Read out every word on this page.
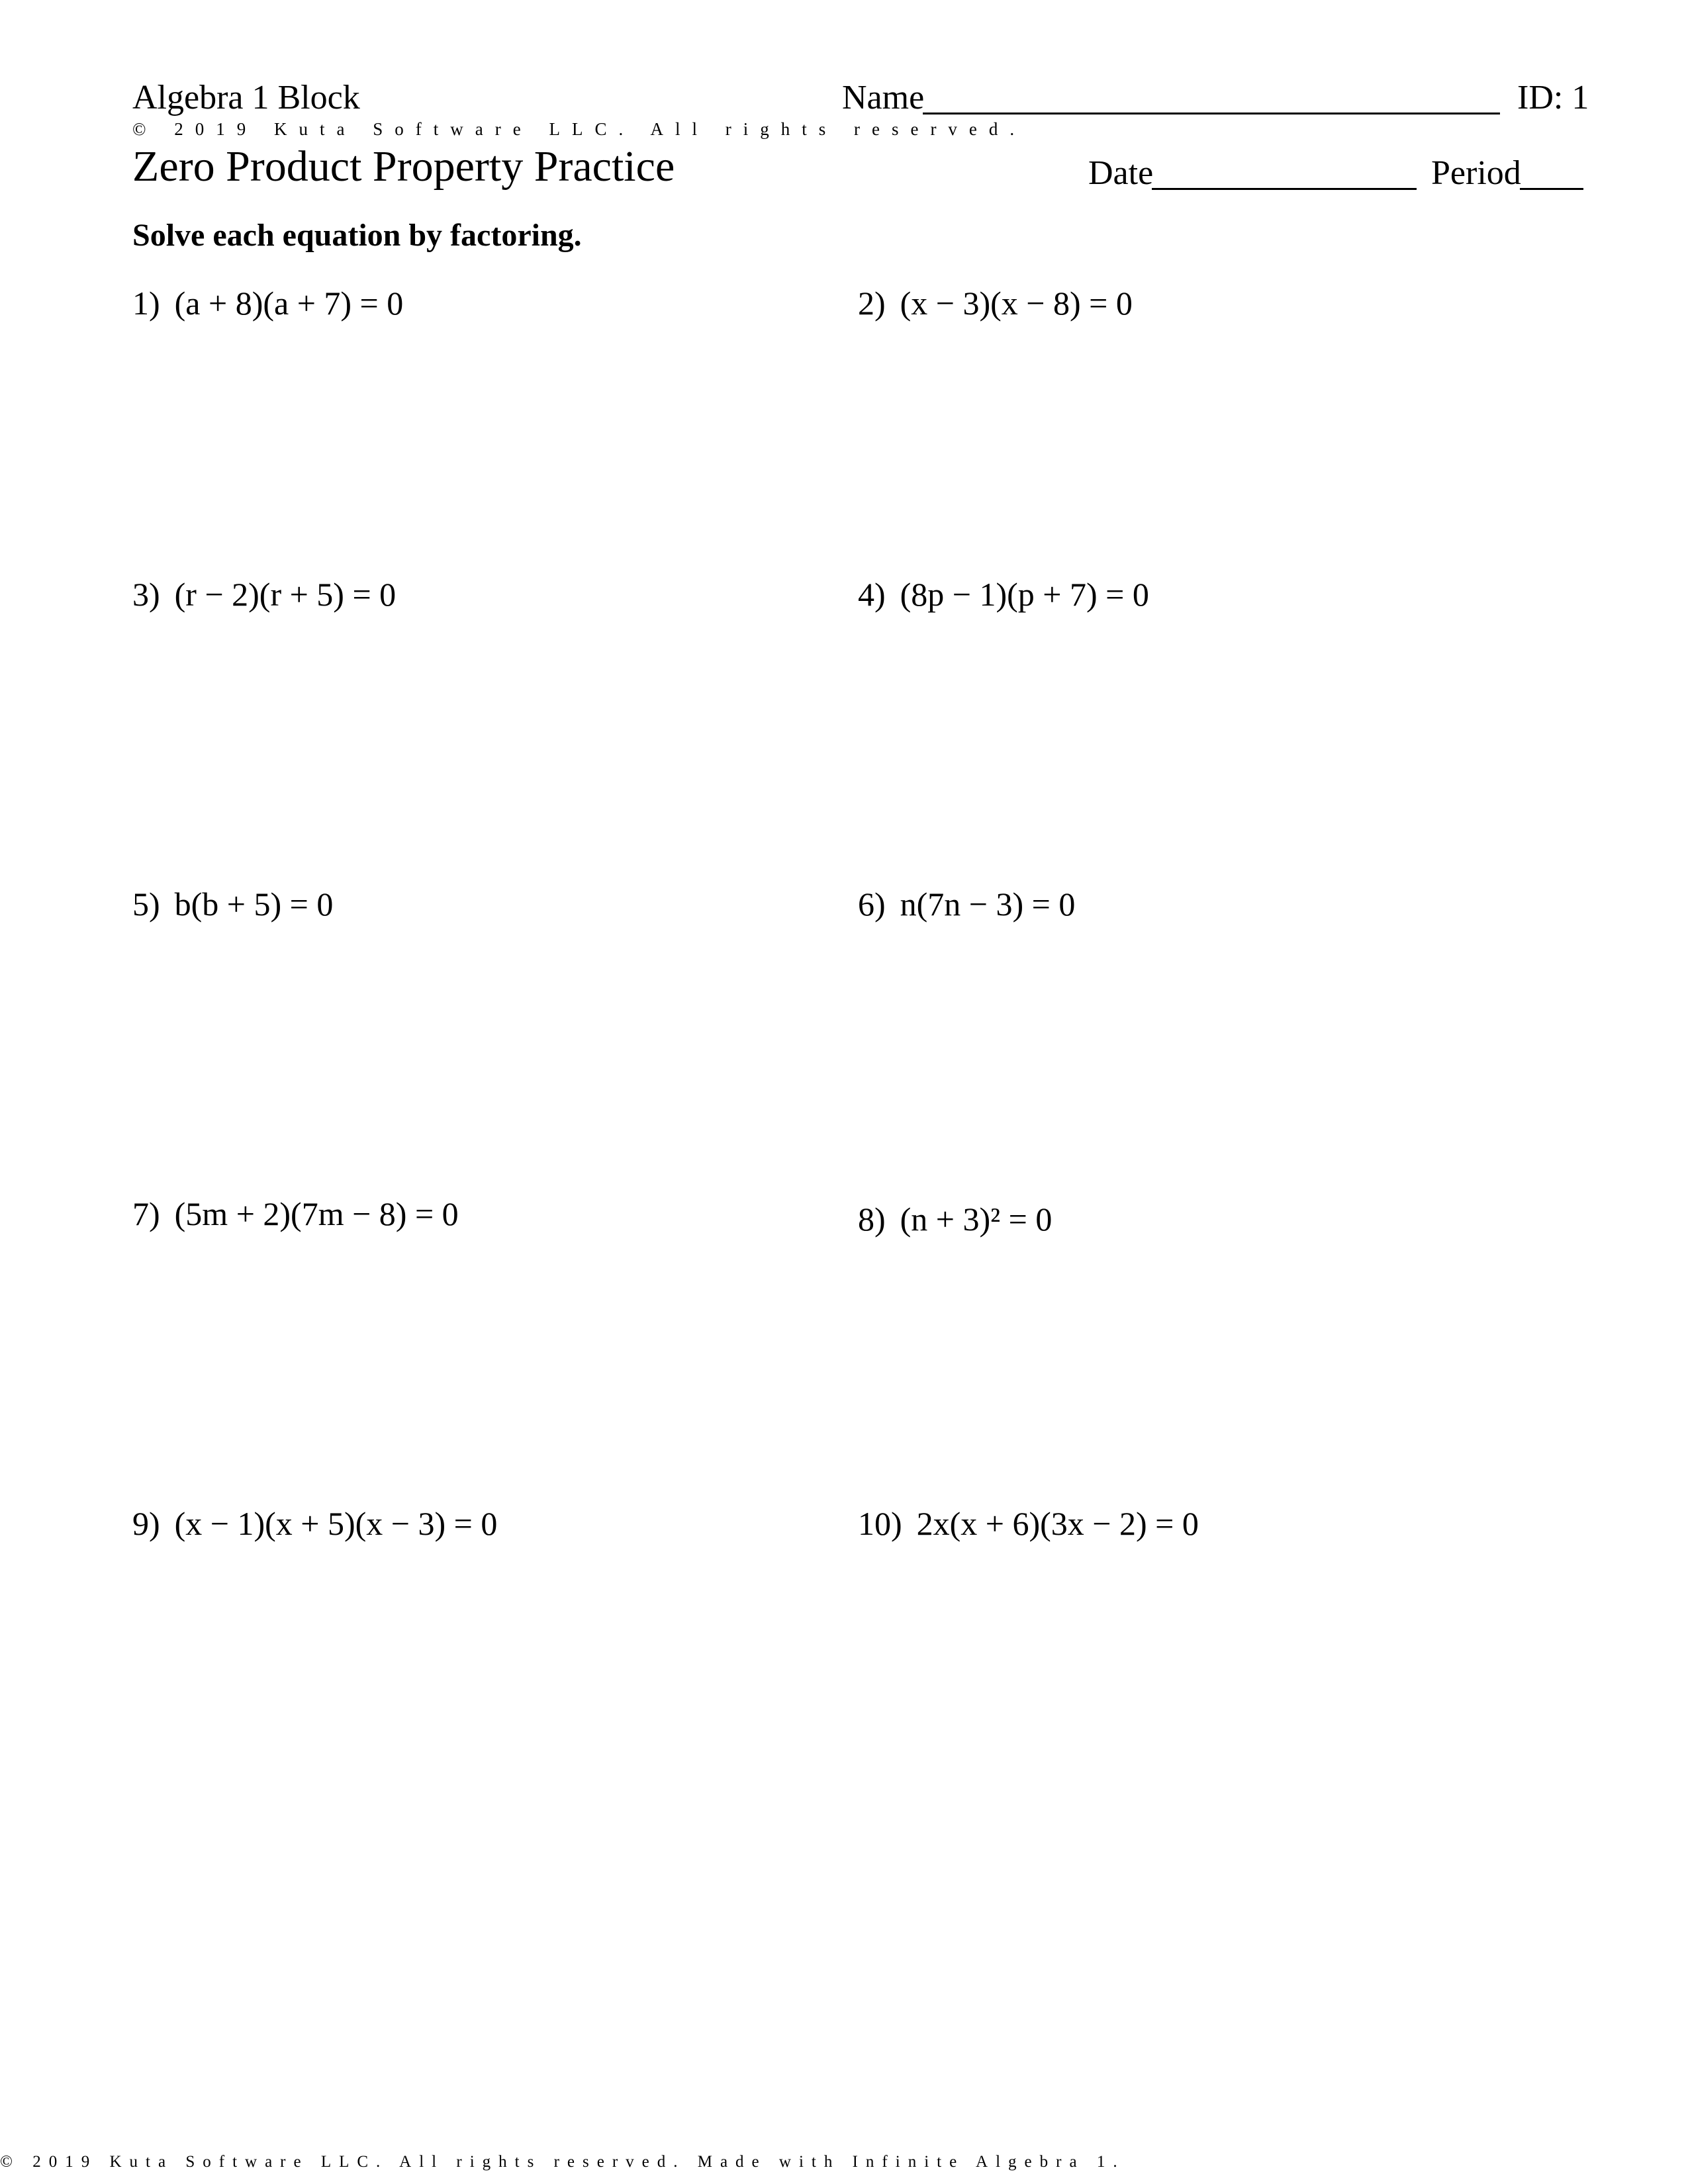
Algebra 1 Block	Name	ID: 1
© 2019 Kuta Software LLC. All rights reserved.
Zero Product Property Practice	Date	Period
Solve each equation by factoring.
1) (a + 8)(a + 7) = 0	2) (x − 3)(x − 8) = 0
3) (r − 2)(r + 5) = 0	4) (8p − 1)(p + 7) = 0
5) b(b + 5) = 0	6) n(7n − 3) = 0
7) (5m + 2)(7m − 8) = 0	8) (n + 3)² = 0
9) (x − 1)(x + 5)(x − 3) = 0	10) 2x(x + 6)(3x − 2) = 0
© 2019 Kuta Software LLC. All rights reserved. Made with Infinite Algebra 1.
